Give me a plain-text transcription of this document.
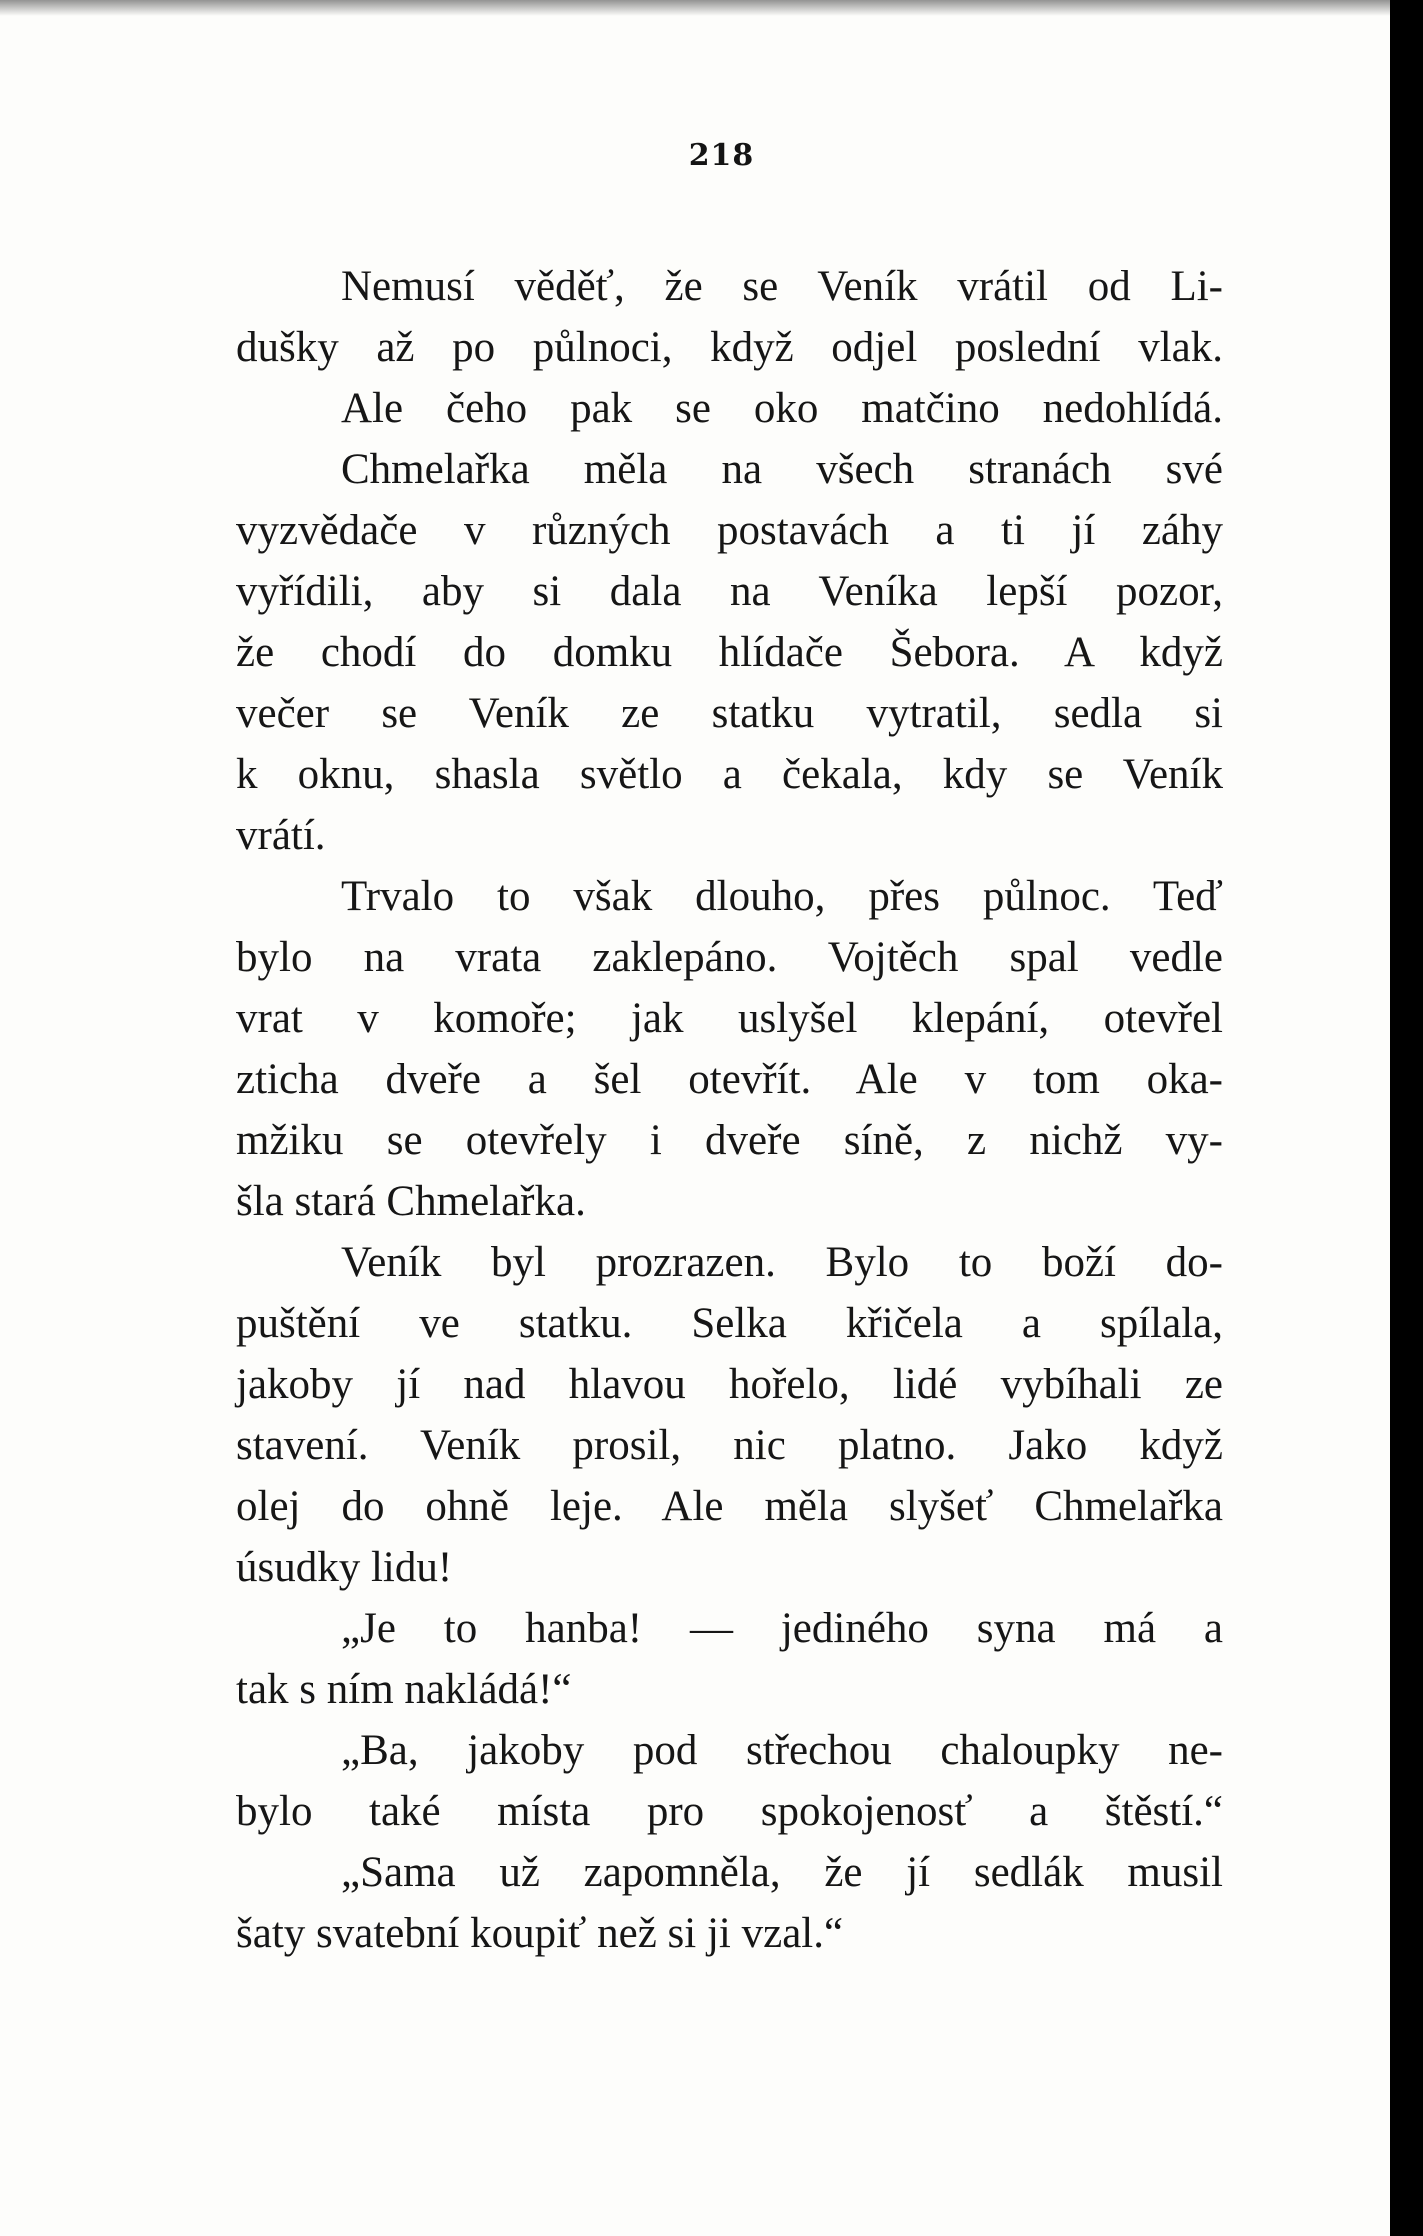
218
Nemusí věděť, že se Veník vrátil od Li-
dušky až po půlnoci, když odjel poslední vlak.
Ale čeho pak se oko matčino nedohlídá.
Chmelařka měla na všech stranách své
vyzvědače v různých postavách a ti jí záhy
vyřídili, aby si dala na Veníka lepší pozor,
že chodí do domku hlídače Šebora. A když
večer se Veník ze statku vytratil, sedla si
k oknu, shasla světlo a čekala, kdy se Veník
vrátí.
Trvalo to však dlouho, přes půlnoc. Teď
bylo na vrata zaklepáno. Vojtěch spal vedle
vrat v komoře; jak uslyšel klepání, otevřel
zticha dveře a šel otevřít. Ale v tom oka-
mžiku se otevřely i dveře síně, z nichž vy-
šla stará Chmelařka.
Veník byl prozrazen. Bylo to boží do-
puštění ve statku. Selka křičela a spílala,
jakoby jí nad hlavou hořelo, lidé vybíhali ze
stavení. Veník prosil, nic platno. Jako když
olej do ohně leje. Ale měla slyšeť Chmelařka
úsudky lidu!
„Je to hanba! — jediného syna má a
tak s ním nakládá!“
„Ba, jakoby pod střechou chaloupky ne-
bylo také místa pro spokojenosť a štěstí.“
„Sama už zapomněla, že jí sedlák musil
šaty svatební koupiť než si ji vzal.“
